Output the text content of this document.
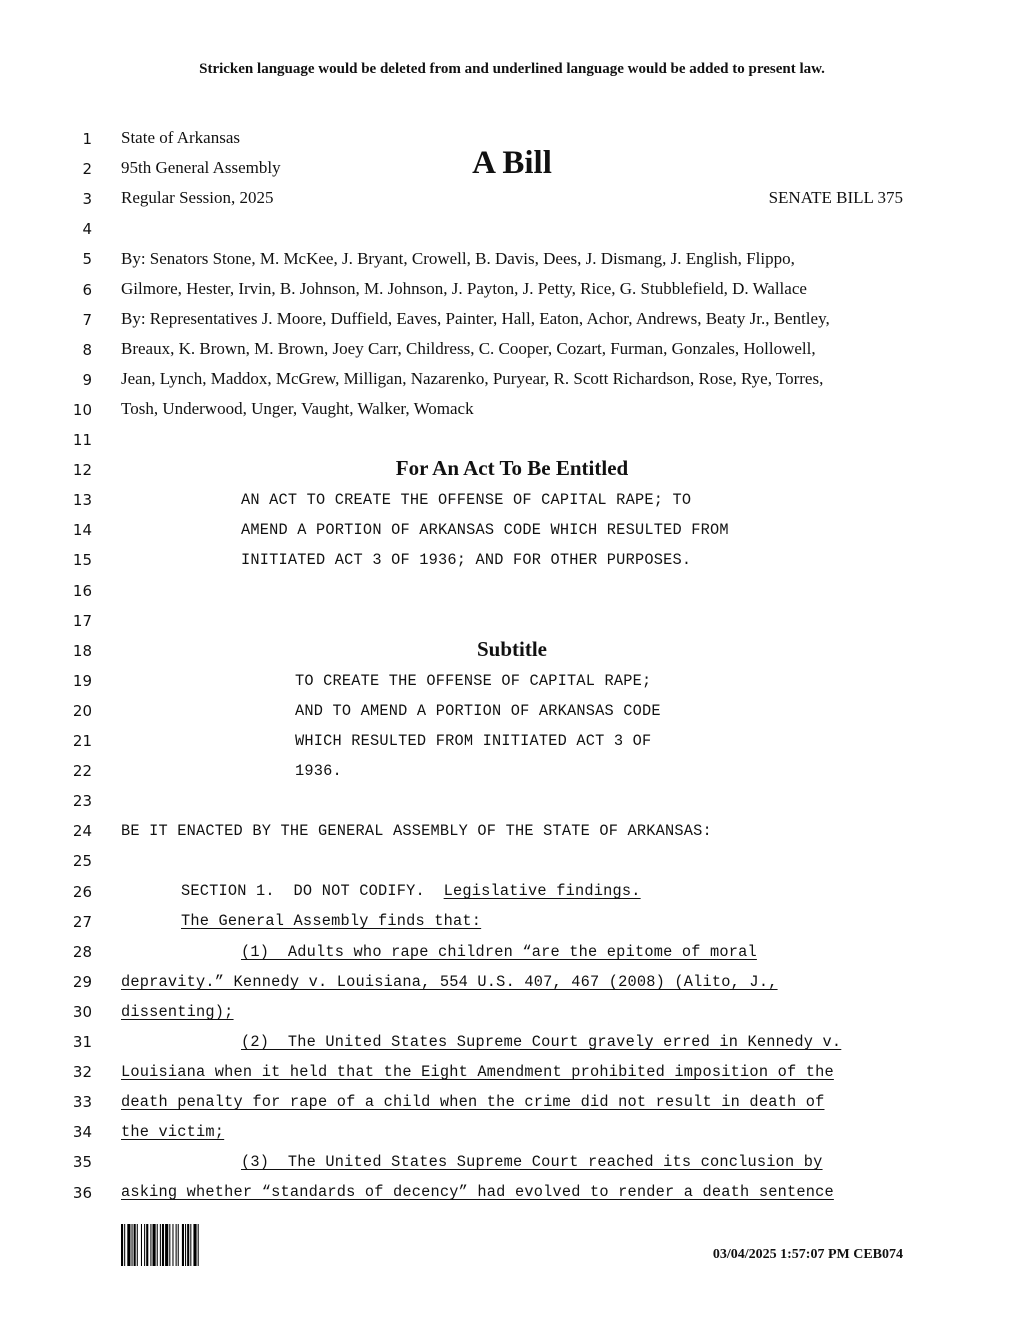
Stricken language would be deleted from and underlined language would be added to present law.
1
2
3
4
5
6
7
8
9
10
11
12
13
14
15
16
17
18
19
20
21
22
23
24
25
26
27
28
29
30
31
32
33
34
35
36
State of Arkansas
95th General Assembly	A Bill
Regular Session, 2025	SENATE BILL 375
By: Senators Stone, M. McKee, J. Bryant, Crowell, B. Davis, Dees, J. Dismang, J. English, Flippo,
Gilmore, Hester, Irvin, B. Johnson, M. Johnson, J. Payton, J. Petty, Rice, G. Stubblefield, D. Wallace
By: Representatives J. Moore, Duffield, Eaves, Painter, Hall, Eaton, Achor, Andrews, Beaty Jr., Bentley,
Breaux, K. Brown, M. Brown, Joey Carr, Childress, C. Cooper, Cozart, Furman, Gonzales, Hollowell,
Jean, Lynch, Maddox, McGrew, Milligan, Nazarenko, Puryear, R. Scott Richardson, Rose, Rye, Torres,
Tosh, Underwood, Unger, Vaught, Walker, Womack
For An Act To Be Entitled
AN ACT TO CREATE THE OFFENSE OF CAPITAL RAPE; TO
AMEND A PORTION OF ARKANSAS CODE WHICH RESULTED FROM
INITIATED ACT 3 OF 1936; AND FOR OTHER PURPOSES.
Subtitle
TO CREATE THE OFFENSE OF CAPITAL RAPE;
AND TO AMEND A PORTION OF ARKANSAS CODE
WHICH RESULTED FROM INITIATED ACT 3 OF
1936.
BE IT ENACTED BY THE GENERAL ASSEMBLY OF THE STATE OF ARKANSAS:
SECTION 1.  DO NOT CODIFY.  Legislative findings.
The General Assembly finds that:
(1)  Adults who rape children “are the epitome of moral
depravity.” Kennedy v. Louisiana, 554 U.S. 407, 467 (2008) (Alito, J.,
dissenting);
(2)  The United States Supreme Court gravely erred in Kennedy v.
Louisiana when it held that the Eight Amendment prohibited imposition of the
death penalty for rape of a child when the crime did not result in death of
the victim;
(3)  The United States Supreme Court reached its conclusion by
asking whether “standards of decency” had evolved to render a death sentence
03/04/2025 1:57:07 PM CEB074
